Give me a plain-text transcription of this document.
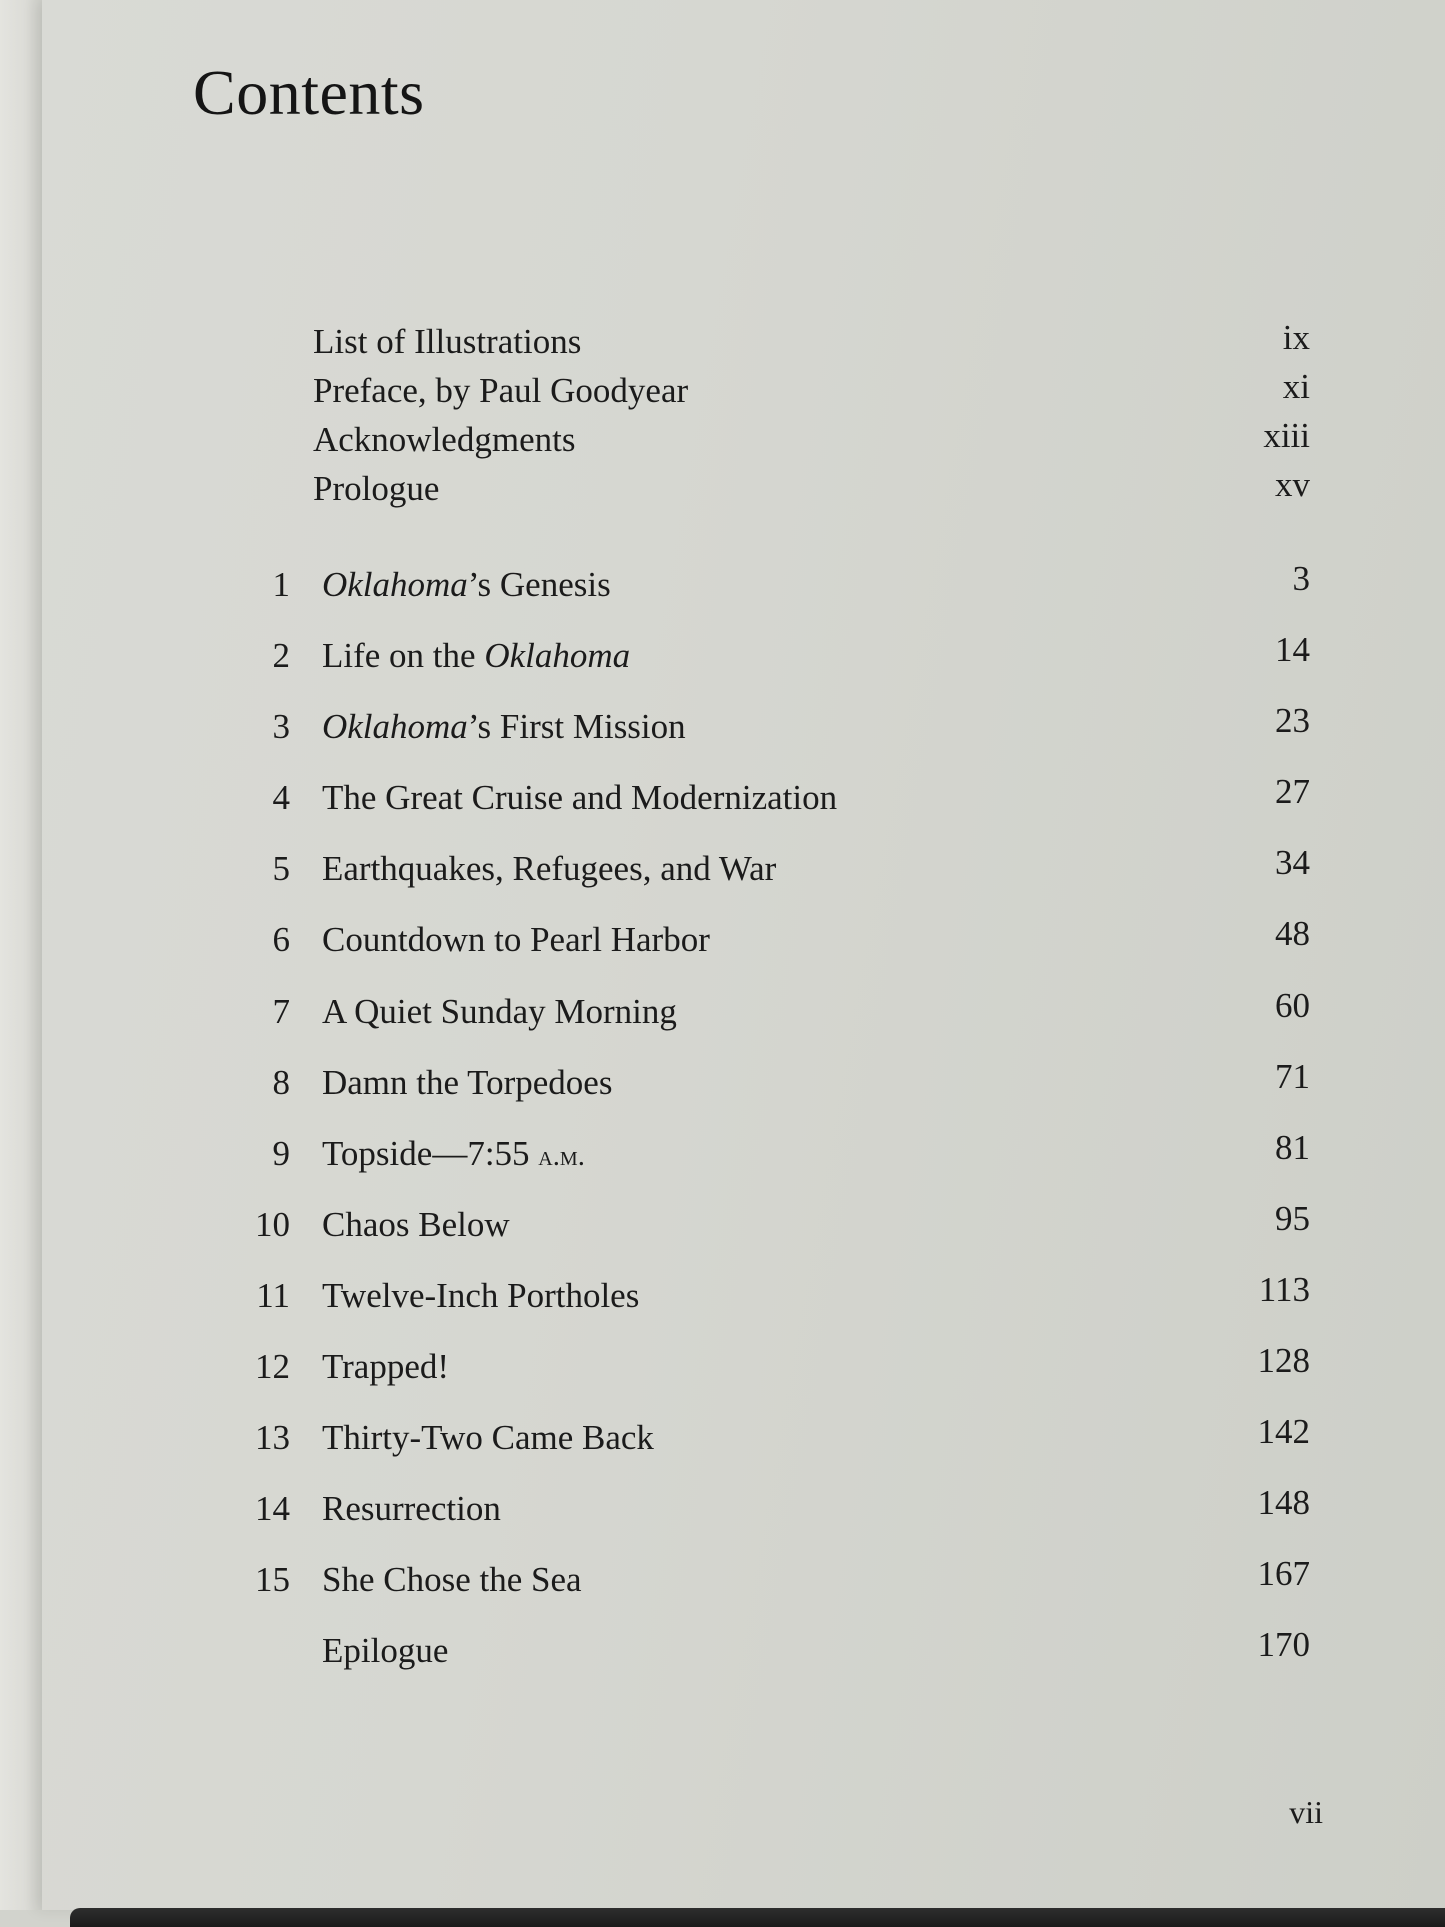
Contents
List of Illustrations	ix
Preface, by Paul Goodyear	xi
Acknowledgments	xiii
Prologue	xv
1 Oklahoma’s Genesis	3
2 Life on the Oklahoma	14
3 Oklahoma’s First Mission	23
4 The Great Cruise and Modernization	27
5 Earthquakes, Refugees, and War	34
6 Countdown to Pearl Harbor	48
7 A Quiet Sunday Morning	60
8 Damn the Torpedoes	71
9 Topside—7:55 a.m.	81
10 Chaos Below	95
11 Twelve-Inch Portholes	113
12 Trapped!	128
13 Thirty-Two Came Back	142
14 Resurrection	148
15 She Chose the Sea	167
Epilogue	170
vii
